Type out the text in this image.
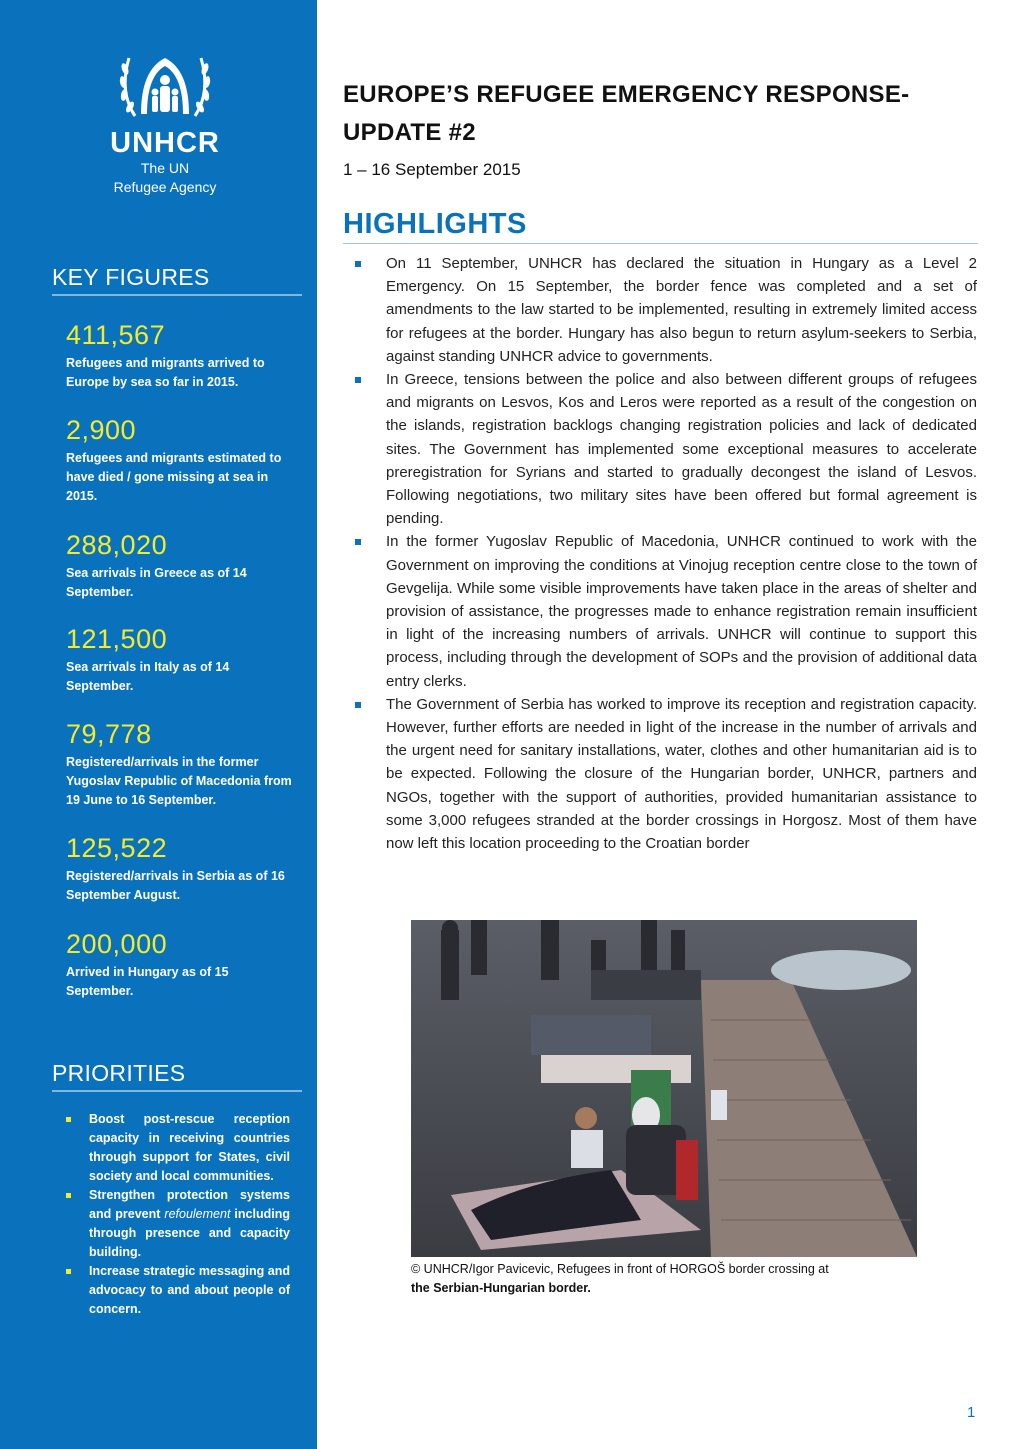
UNHCR
The UN
Refugee Agency
KEY FIGURES
411,567
Refugees and migrants arrived to Europe by sea so far in 2015.
2,900
Refugees and migrants estimated to have died / gone missing at sea in 2015.
288,020
Sea arrivals in Greece as of 14 September.
121,500
Sea arrivals in Italy as of 14 September.
79,778
Registered/arrivals in the former Yugoslav Republic of Macedonia from 19 June to 16 September.
125,522
Registered/arrivals in Serbia as of 16 September August.
200,000
Arrived in Hungary as of 15 September.
PRIORITIES
Boost post-rescue reception capacity in receiving countries through support for States, civil society and local communities.
Strengthen protection systems and prevent refoulement including through presence and capacity building.
Increase strategic messaging and advocacy to and about people of concern.
EUROPE’S REFUGEE EMERGENCY RESPONSE-
UPDATE #2
1 – 16 September 2015
HIGHLIGHTS
On 11 September, UNHCR has declared the situation in Hungary as a Level 2 Emergency. On 15 September, the border fence was completed and a set of amendments to the law started to be implemented, resulting in extremely limited access for refugees at the border. Hungary has also begun to return asylum-seekers to Serbia, against standing UNHCR advice to governments.
In Greece, tensions between the police and also between different groups of refugees and migrants on Lesvos, Kos and Leros were reported as a result of the congestion on the islands, registration backlogs changing registration policies and lack of dedicated sites. The Government has implemented some exceptional measures to accelerate preregistration for Syrians and started to gradually decongest the island of Lesvos. Following negotiations, two military sites have been offered but formal agreement is pending.
In the former Yugoslav Republic of Macedonia, UNHCR continued to work with the Government on improving the conditions at Vinojug reception centre close to the town of Gevgelija. While some visible improvements have taken place in the areas of shelter and provision of assistance, the progresses made to enhance registration remain insufficient in light of the increasing numbers of arrivals. UNHCR will continue to support this process, including through the development of SOPs and the provision of additional data entry clerks.
The Government of Serbia has worked to improve its reception and registration capacity. However, further efforts are needed in light of the increase in the number of arrivals and the urgent need for sanitary installations, water, clothes and other humanitarian aid is to be expected. Following the closure of the Hungarian border, UNHCR, partners and NGOs, together with the support of authorities, provided humanitarian assistance to some 3,000 refugees stranded at the border crossings in Horgosz. Most of them have now left this location proceeding to the Croatian border
© UNHCR/Igor Pavicevic, Refugees in front of HORGOŠ border crossing at
the Serbian-Hungarian border.
1
